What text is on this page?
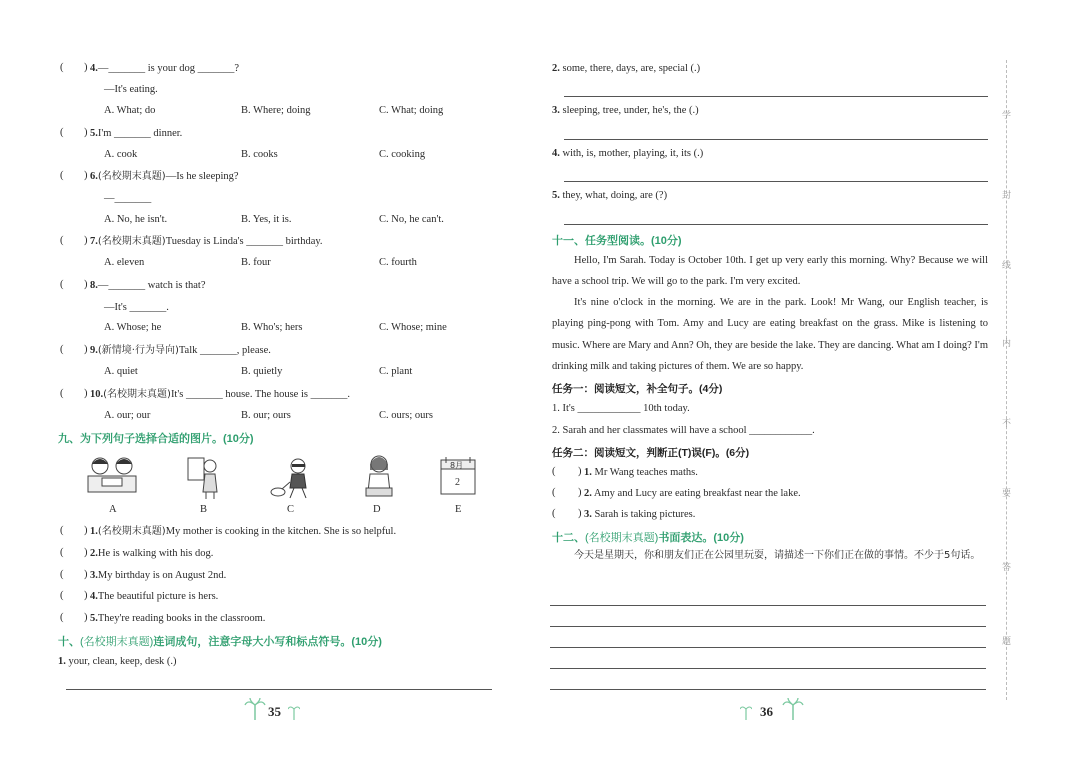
( ) 4.—_______ is your dog _______?
—It's eating.
A. What; do	B. Where; doing	C. What; doing
( ) 5.I'm _______ dinner.
A. cook	B. cooks	C. cooking
( ) 6.(名校期末真题)—Is he sleeping?
—_______
A. No, he isn't.	B. Yes, it is.	C. No, he can't.
( ) 7.(名校期末真题)Tuesday is Linda's _______ birthday.
A. eleven	B. four	C. fourth
( ) 8.—_______ watch is that?
—It's _______.
A. Whose; he	B. Who's; hers	C. Whose; mine
( ) 9.(新情境·行为导向)Talk _______, please.
A. quiet	B. quietly	C. plant
( ) 10.(名校期末真题)It's _______ house. The house is _______.
A. our; our	B. our; ours	C. ours; ours
九、为下列句子选择合适的图片。(10分)
8月
2
A	B	C	D	E
( ) 1.(名校期末真题)My mother is cooking in the kitchen. She is so helpful.
( ) 2.He is walking with his dog.
( ) 3.My birthday is on August 2nd.
( ) 4.The beautiful picture is hers.
( ) 5.They're reading books in the classroom.
十、(名校期末真题)连词成句，注意字母大小写和标点符号。(10分)
1. your, clean, keep, desk (.)
35
2. some, there, days, are, special (.)
3. sleeping, tree, under, he's, the (.)
4. with, is, mother, playing, it, its (.)
5. they, what, doing, are (?)
十一、任务型阅读。(10分)
Hello, I'm Sarah. Today is October 10th. I get up very early this morning. Why? Because we will have a school trip. We will go to the park. I'm very excited.
It's nine o'clock in the morning. We are in the park. Look! Mr Wang, our English teacher, is playing ping-pong with Tom. Amy and Lucy are eating breakfast on the grass. Mike is listening to music. Where are Mary and Ann? Oh, they are beside the lake. They are dancing. What am I doing? I'm drinking milk and taking pictures of them. We are so happy.
任务一：阅读短文，补全句子。(4分)
1. It's ____________ 10th today.
2. Sarah and her classmates will have a school ____________.
任务二：阅读短文，判断正(T)误(F)。(6分)
( ) 1. Mr Wang teaches maths.
( ) 2. Amy and Lucy are eating breakfast near the lake.
( ) 3. Sarah is taking pictures.
十二、(名校期末真题)书面表达。(10分)
今天是星期天，你和朋友们正在公园里玩耍，请描述一下你们正在做的事情。不少于5句话。
36
学
封
线
内
不
要
答
题
